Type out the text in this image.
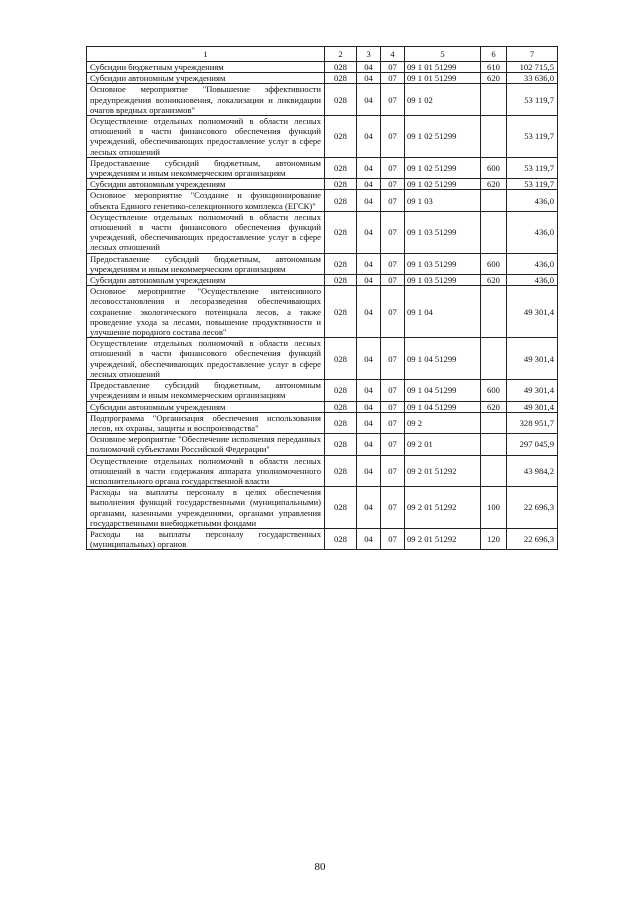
1	2	3	4	5	6	7
Субсидии бюджетным учреждениям	028	04	07	09 1 01 51299	610	102 715,5
Субсидии автономным учреждениям	028	04	07	09 1 01 51299	620	33 636,0
Основное мероприятие "Повышение эффективности предупреждения возникновения, локализации и ликвидации очагов вредных организмов"	028	04	07	09 1 02		53 119,7
Осуществление отдельных полномочий в области лесных отношений в части финансового обеспечения функций учреждений, обеспечивающих предоставление услуг в сфере лесных отношений	028	04	07	09 1 02 51299		53 119,7
Предоставление субсидий бюджетным, автономным учреждениям и иным некоммерческим организациям	028	04	07	09 1 02 51299	600	53 119,7
Субсидии автономным учреждениям	028	04	07	09 1 02 51299	620	53 119,7
Основное мероприятие "Создание и функционирование объекта Единого генетико-селекционного комплекса (ЕГСК)"	028	04	07	09 1 03		436,0
Осуществление отдельных полномочий в области лесных отношений в части финансового обеспечения функций учреждений, обеспечивающих предоставление услуг в сфере лесных отношений	028	04	07	09 1 03 51299		436,0
Предоставление субсидий бюджетным, автономным учреждениям и иным некоммерческим организациям	028	04	07	09 1 03 51299	600	436,0
Субсидии автономным учреждениям	028	04	07	09 1 03 51299	620	436,0
Основное мероприятие "Осуществление интенсивного лесовосстановления и лесоразведения обеспечивающих сохранение экологического потенциала лесов, а также проведение ухода за лесами, повышение продуктивности и улучшение породного состава лесов"	028	04	07	09 1 04		49 301,4
Осуществление отдельных полномочий в области лесных отношений в части финансового обеспечения функций учреждений, обеспечивающих предоставление услуг в сфере лесных отношений	028	04	07	09 1 04 51299		49 301,4
Предоставление субсидий бюджетным, автономным учреждениям и иным некоммерческим организациям	028	04	07	09 1 04 51299	600	49 301,4
Субсидии автономным учреждениям	028	04	07	09 1 04 51299	620	49 301,4
Подпрограмма "Организация обеспечения использования лесов, их охраны, защиты и воспроизводства"	028	04	07	09 2		328 951,7
Основное мероприятие "Обеспечение исполнения переданных полномочий субъектами Российской Федерации"	028	04	07	09 2 01		297 045,9
Осуществление отдельных полномочий в области лесных отношений в части содержания аппарата уполномоченного исполнительного органа государственной власти	028	04	07	09 2 01 51292		43 984,2
Расходы на выплаты персоналу в целях обеспечения выполнения функций государственными (муниципальными) органами, казенными учреждениями, органами управления государственными внебюджетными фондами	028	04	07	09 2 01 51292	100	22 696,3
Расходы на выплаты персоналу государственных (муниципальных) органов	028	04	07	09 2 01 51292	120	22 696,3
80
